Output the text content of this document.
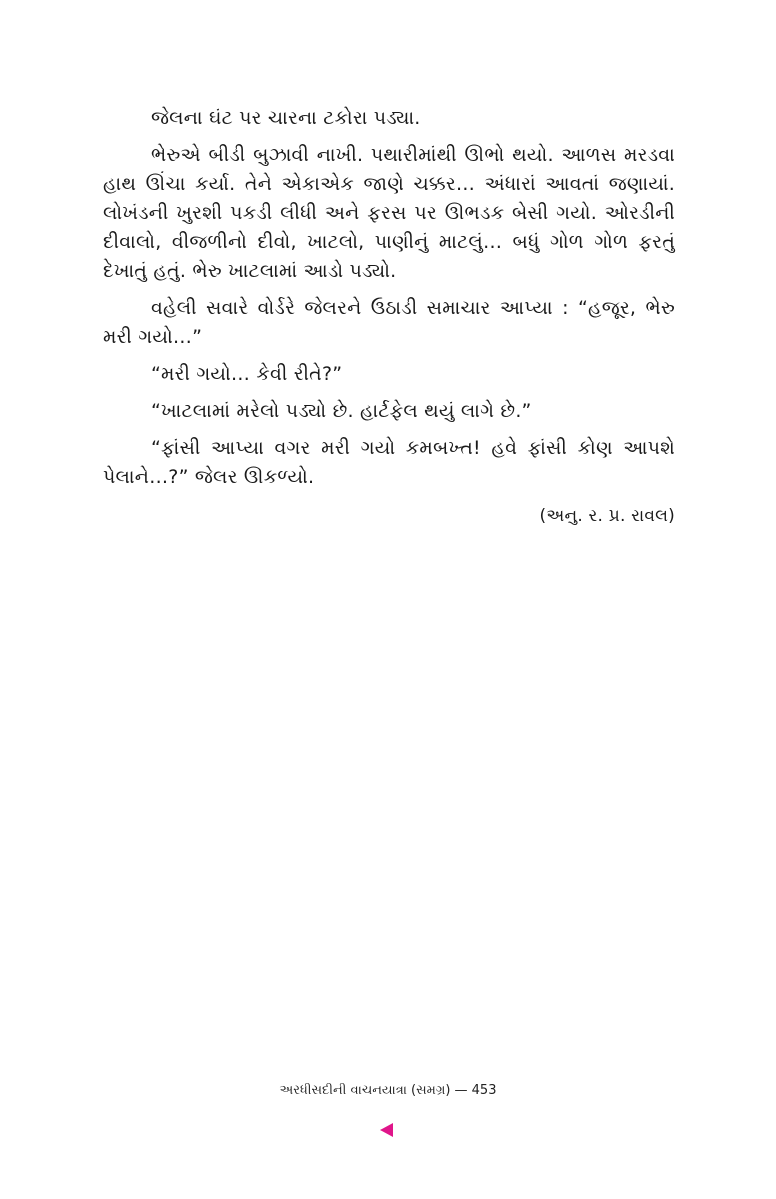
જેલના ઘંટ પર ચારના ટકોરા પડ્યા.

ભેરુએ બીડી બુઝાવી નાખી. પથારીમાંથી ઊભો થયો. આળસ મરડવા હાથ ઊંચા કર્યા. તેને એકાએક જાણે ચક્કર… અંધારાં આવતાં જણાયાં. લોખંડની ખુરશી પકડી લીધી અને ફરસ પર ઊભડક બેસી ગયો. ઓરડીની દીવાલો, વીજળીનો દીવો, ખાટલો, પાણીનું માટલું… બધું ગોળ ગોળ ફરતું દેખાતું હતું. ભેરુ ખાટલામાં આડો પડ્યો.

વહેલી સવારે વોર્ડરે જેલરને ઉઠાડી સમાચાર આપ્યા : “હજૂર, ભેરુ મરી ગયો…”

“મરી ગયો… કેવી રીતે?”

“ખાટલામાં મરેલો પડ્યો છે. હાર્ટફેલ થયું લાગે છે.”

“ફાંસી આપ્યા વગર મરી ગયો કમબખ્ત! હવે ફાંસી કોણ આપશે પેલાને…?” જેલર ઊકળ્યો.

(અનુ. ર. પ્ર. રાવલ)
અરધીસદીની વાચનયાત્રા (સમગ્ર) — 453
